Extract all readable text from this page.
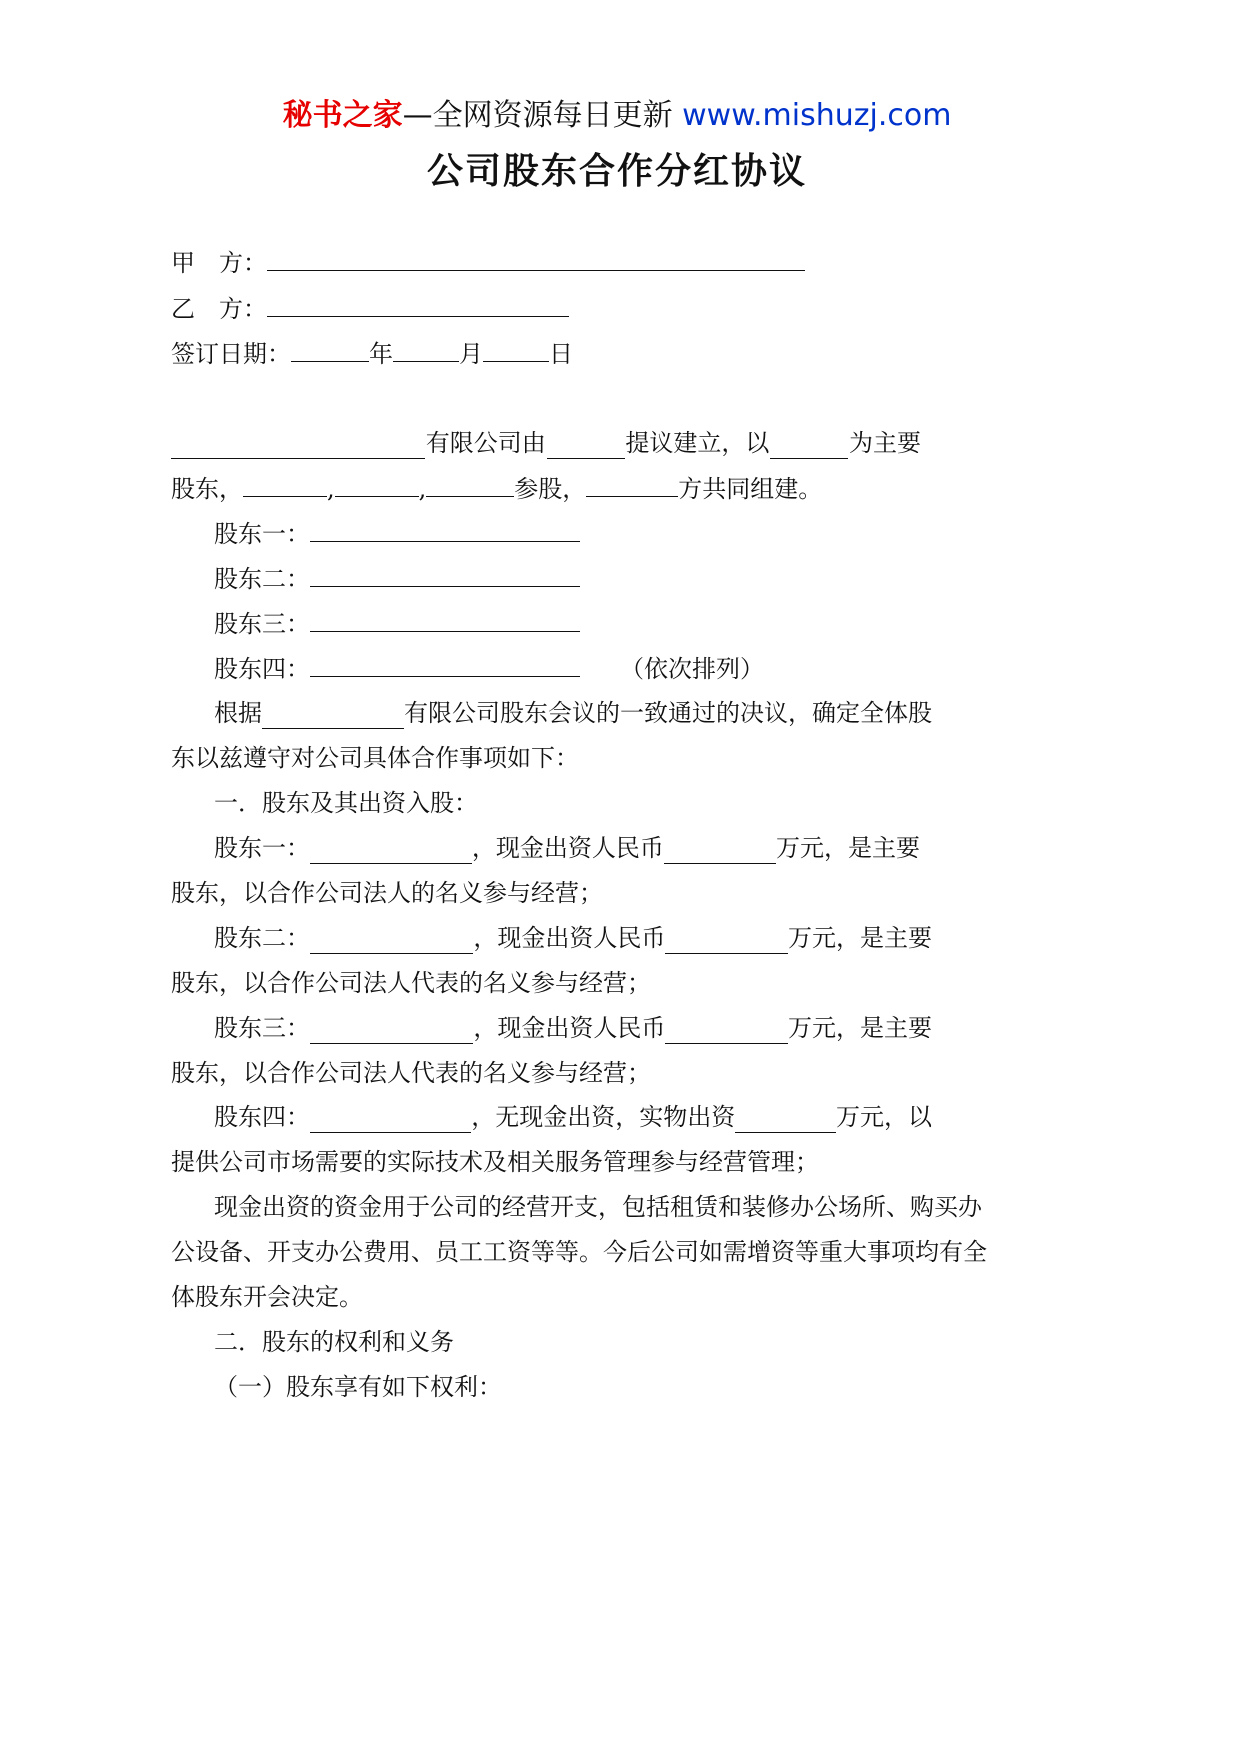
秘书之家—全网资源每日更新 www.mishuzj.com
公司股东合作分红协议
甲　方：
乙　方：
签订日期：	年	月	日
有限公司由	提议建立，以	为主要
股东，	,	,	参股，	方共同组建。
股东一：
股东二：
股东三：
股东四：	（依次排列）
根据	有限公司股东会议的一致通过的决议，确定全体股
东以兹遵守对公司具体合作事项如下：
一．股东及其出资入股：
股东一：	，现金出资人民币	万元，是主要
股东，以合作公司法人的名义参与经营；
股东二：	，现金出资人民币	万元，是主要
股东，以合作公司法人代表的名义参与经营；
股东三：	，现金出资人民币	万元，是主要
股东，以合作公司法人代表的名义参与经营；
股东四：	，无现金出资，实物出资	万元，以
提供公司市场需要的实际技术及相关服务管理参与经营管理；
现金出资的资金用于公司的经营开支，包括租赁和装修办公场所、购买办
公设备、开支办公费用、员工工资等等。今后公司如需增资等重大事项均有全
体股东开会决定。
二．股东的权利和义务
（一）股东享有如下权利：
